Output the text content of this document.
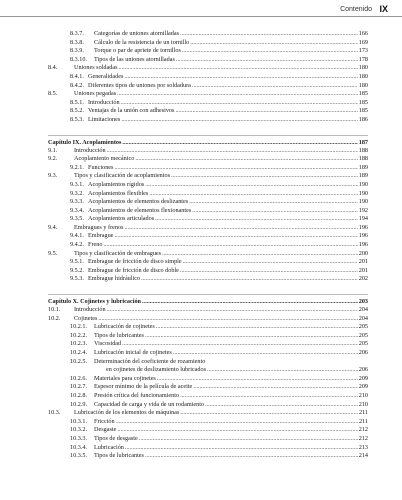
Contenido IX
8.3.7.	Categorías de uniones atornilladas .....	166
8.3.8.	Cálculo de la resistencia de un tornillo .....	169
8.3.9.	Torque o par de apriete de tornillos .....	173
8.3.10.	Tipos de las uniones atornilladas .....	178
8.4.	Uniones soldadas .....	180
8.4.1. Generalidades .....	180
8.4.2. Diferentes tipos de uniones por soldadura .....	180
8.5.	Uniones pegadas .....	185
8.5.1. Introducción .....	185
8.5.2. Ventajas de la unión con adhesivos .....	185
8.5.3. Limitaciones .....	186
Capítulo IX. Acoplamientos .....	187
9.1.	Introducción .....	188
9.2.	Acoplamiento mecánico .....	188
9.2.1. Funciones .....	189
9.3.	Tipos y clasificación de acoplamientos .....	189
9.3.1. Acoplamientos rígidos .....	190
9.3.2. Acoplamientos flexibles .....	190
9.3.3. Acoplamientos de elementos deslizantes .....	190
9.3.4. Acoplamientos de elementos flexionantes .....	192
9.3.5. Acoplamientos articulados .....	194
9.4.	Embragues y frenos .....	196
9.4.1. Embrague .....	196
9.4.2. Freno .....	196
9.5.	Tipos y clasificación de embragues .....	200
9.5.1. Embrague de fricción de disco simple .....	201
9.5.2. Embrague de fricción de disco doble .....	201
9.5.3. Embrague hidráulico .....	202
Capítulo X. Cojinetes y lubricación .....	203
10.1.	Introducción .....	204
10.2.	Cojinetes .....	204
10.2.1.	Lubricación de cojinetes .....	205
10.2.2.	Tipos de lubricantes .....	205
10.2.3.	Viscosidad .....	205
10.2.4.	Lubricación inicial de cojinetes .....	206
10.2.5.	Determinación del coeficiente de rozamiento
en cojinetes de deslizamiento lubricados .....	206
10.2.6.	Materiales para cojinetes .....	209
10.2.7.	Espesor mínimo de la película de aceite .....	209
10.2.8.	Presión crítica del funcionamiento .....	210
10.2.9.	Capacidad de carga y vida de un rodamiento .....	210
10.3.	Lubricación de los elementos de máquinas .....	211
10.3.1.	Fricción .....	211
10.3.2.	Desgaste .....	212
10.3.3.	Tipos de desgaste .....	212
10.3.4.	Lubricación .....	213
10.3.5.	Tipos de lubricantes .....	214
